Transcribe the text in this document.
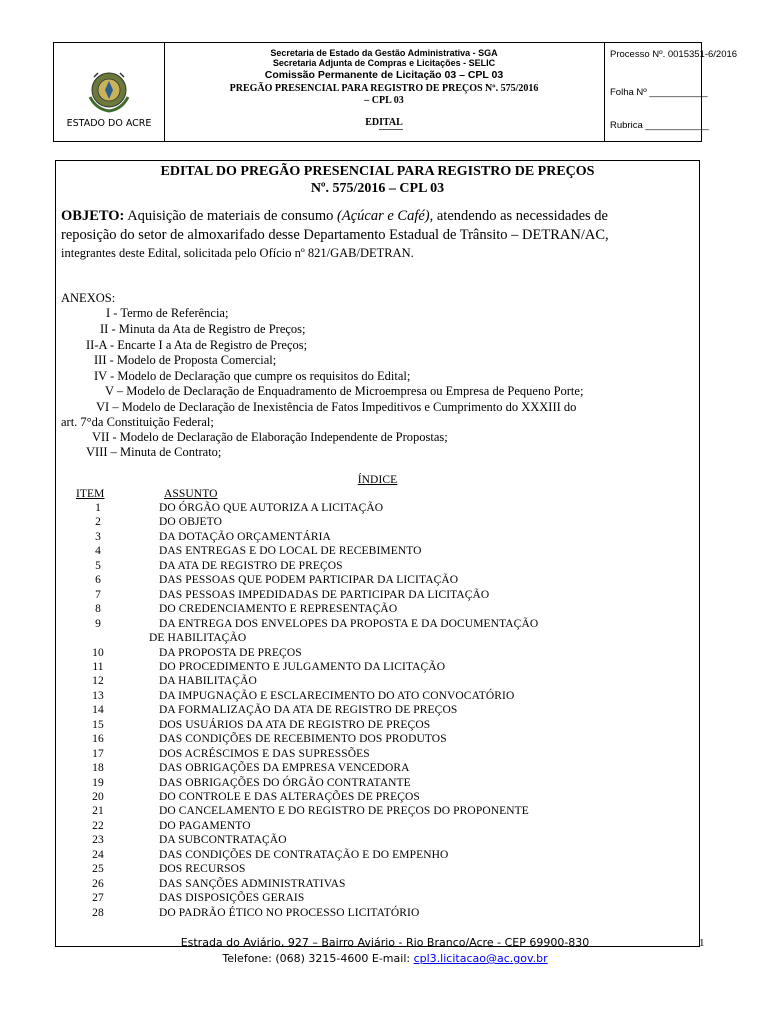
ESTADO DO ACRE
Secretaria de Estado da Gestão Administrativa - SGA
Secretaria Adjunta de Compras e Licitações - SELIC
Comissão Permanente de Licitação 03 – CPL 03
PREGÃO PRESENCIAL PARA REGISTRO DE PREÇOS Nº. 575/2016
– CPL 03
EDITAL
Processo Nº. 0015351-6/2016
Folha Nº ___________
Rubrica ____________
EDITAL DO PREGÃO PRESENCIAL PARA REGISTRO DE PREÇOS
Nº. 575/2016 – CPL 03
OBJETO: Aquisição de materiais de consumo (Açúcar e Café), atendendo as necessidades de
reposição do setor de almoxarifado desse Departamento Estadual de Trânsito – DETRAN/AC,
integrantes deste Edital, solicitada pelo Ofício nº 821/GAB/DETRAN.
ANEXOS:
I - Termo de Referência;
II - Minuta da Ata de Registro de Preços;
II-A - Encarte I a Ata de Registro de Preços;
III - Modelo de Proposta Comercial;
IV - Modelo de Declaração que cumpre os requisitos do Edital;
V – Modelo de Declaração de Enquadramento de Microempresa ou Empresa de Pequeno Porte;
VI – Modelo de Declaração de Inexistência de Fatos Impeditivos e Cumprimento do XXXIII do
art. 7°da Constituição Federal;
VII - Modelo de Declaração de Elaboração Independente de Propostas;
VIII – Minuta de Contrato;
ÍNDICE
ITEM	ASSUNTO
1	DO ÓRGÃO QUE AUTORIZA A LICITAÇÃO
2	DO OBJETO
3	DA DOTAÇÃO ORÇAMENTÁRIA
4	DAS ENTREGAS E DO LOCAL DE RECEBIMENTO
5	DA ATA DE REGISTRO DE PREÇOS
6	DAS PESSOAS QUE PODEM PARTICIPAR DA LICITAÇÃO
7	DAS PESSOAS IMPEDIDADAS DE PARTICIPAR DA LICITAÇÃO
8	DO CREDENCIAMENTO E REPRESENTAÇÃO
9	DA ENTREGA DOS ENVELOPES DA PROPOSTA E DA DOCUMENTAÇÃO
DE HABILITAÇÃO
10	DA PROPOSTA DE PREÇOS
11	DO PROCEDIMENTO E JULGAMENTO DA LICITAÇÃO
12	DA HABILITAÇÃO
13	DA IMPUGNAÇÃO E ESCLARECIMENTO DO ATO CONVOCATÓRIO
14	DA FORMALIZAÇÃO DA ATA DE REGISTRO DE PREÇOS
15	DOS USUÁRIOS DA ATA DE REGISTRO DE PREÇOS
16	DAS CONDIÇÕES DE RECEBIMENTO DOS PRODUTOS
17	DOS ACRÉSCIMOS E DAS SUPRESSÕES
18	DAS OBRIGAÇÕES DA EMPRESA VENCEDORA
19	DAS OBRIGAÇÕES DO ÓRGÃO CONTRATANTE
20	DO CONTROLE E DAS ALTERAÇÕES DE PREÇOS
21	DO CANCELAMENTO E DO REGISTRO DE PREÇOS DO PROPONENTE
22	DO PAGAMENTO
23	DA SUBCONTRATAÇÃO
24	DAS CONDIÇÕES DE CONTRATAÇÃO E DO EMPENHO
25	DOS RECURSOS
26	DAS SANÇÕES ADMINISTRATIVAS
27	DAS DISPOSIÇÕES GERAIS
28	DO PADRÃO ÉTICO NO PROCESSO LICITATÓRIO
Estrada do Aviário, 927 – Bairro Aviário - Rio Branco/Acre - CEP 69900-830
Telefone: (068) 3215-4600 E-mail: cpl3.licitacao@ac.gov.br
1
